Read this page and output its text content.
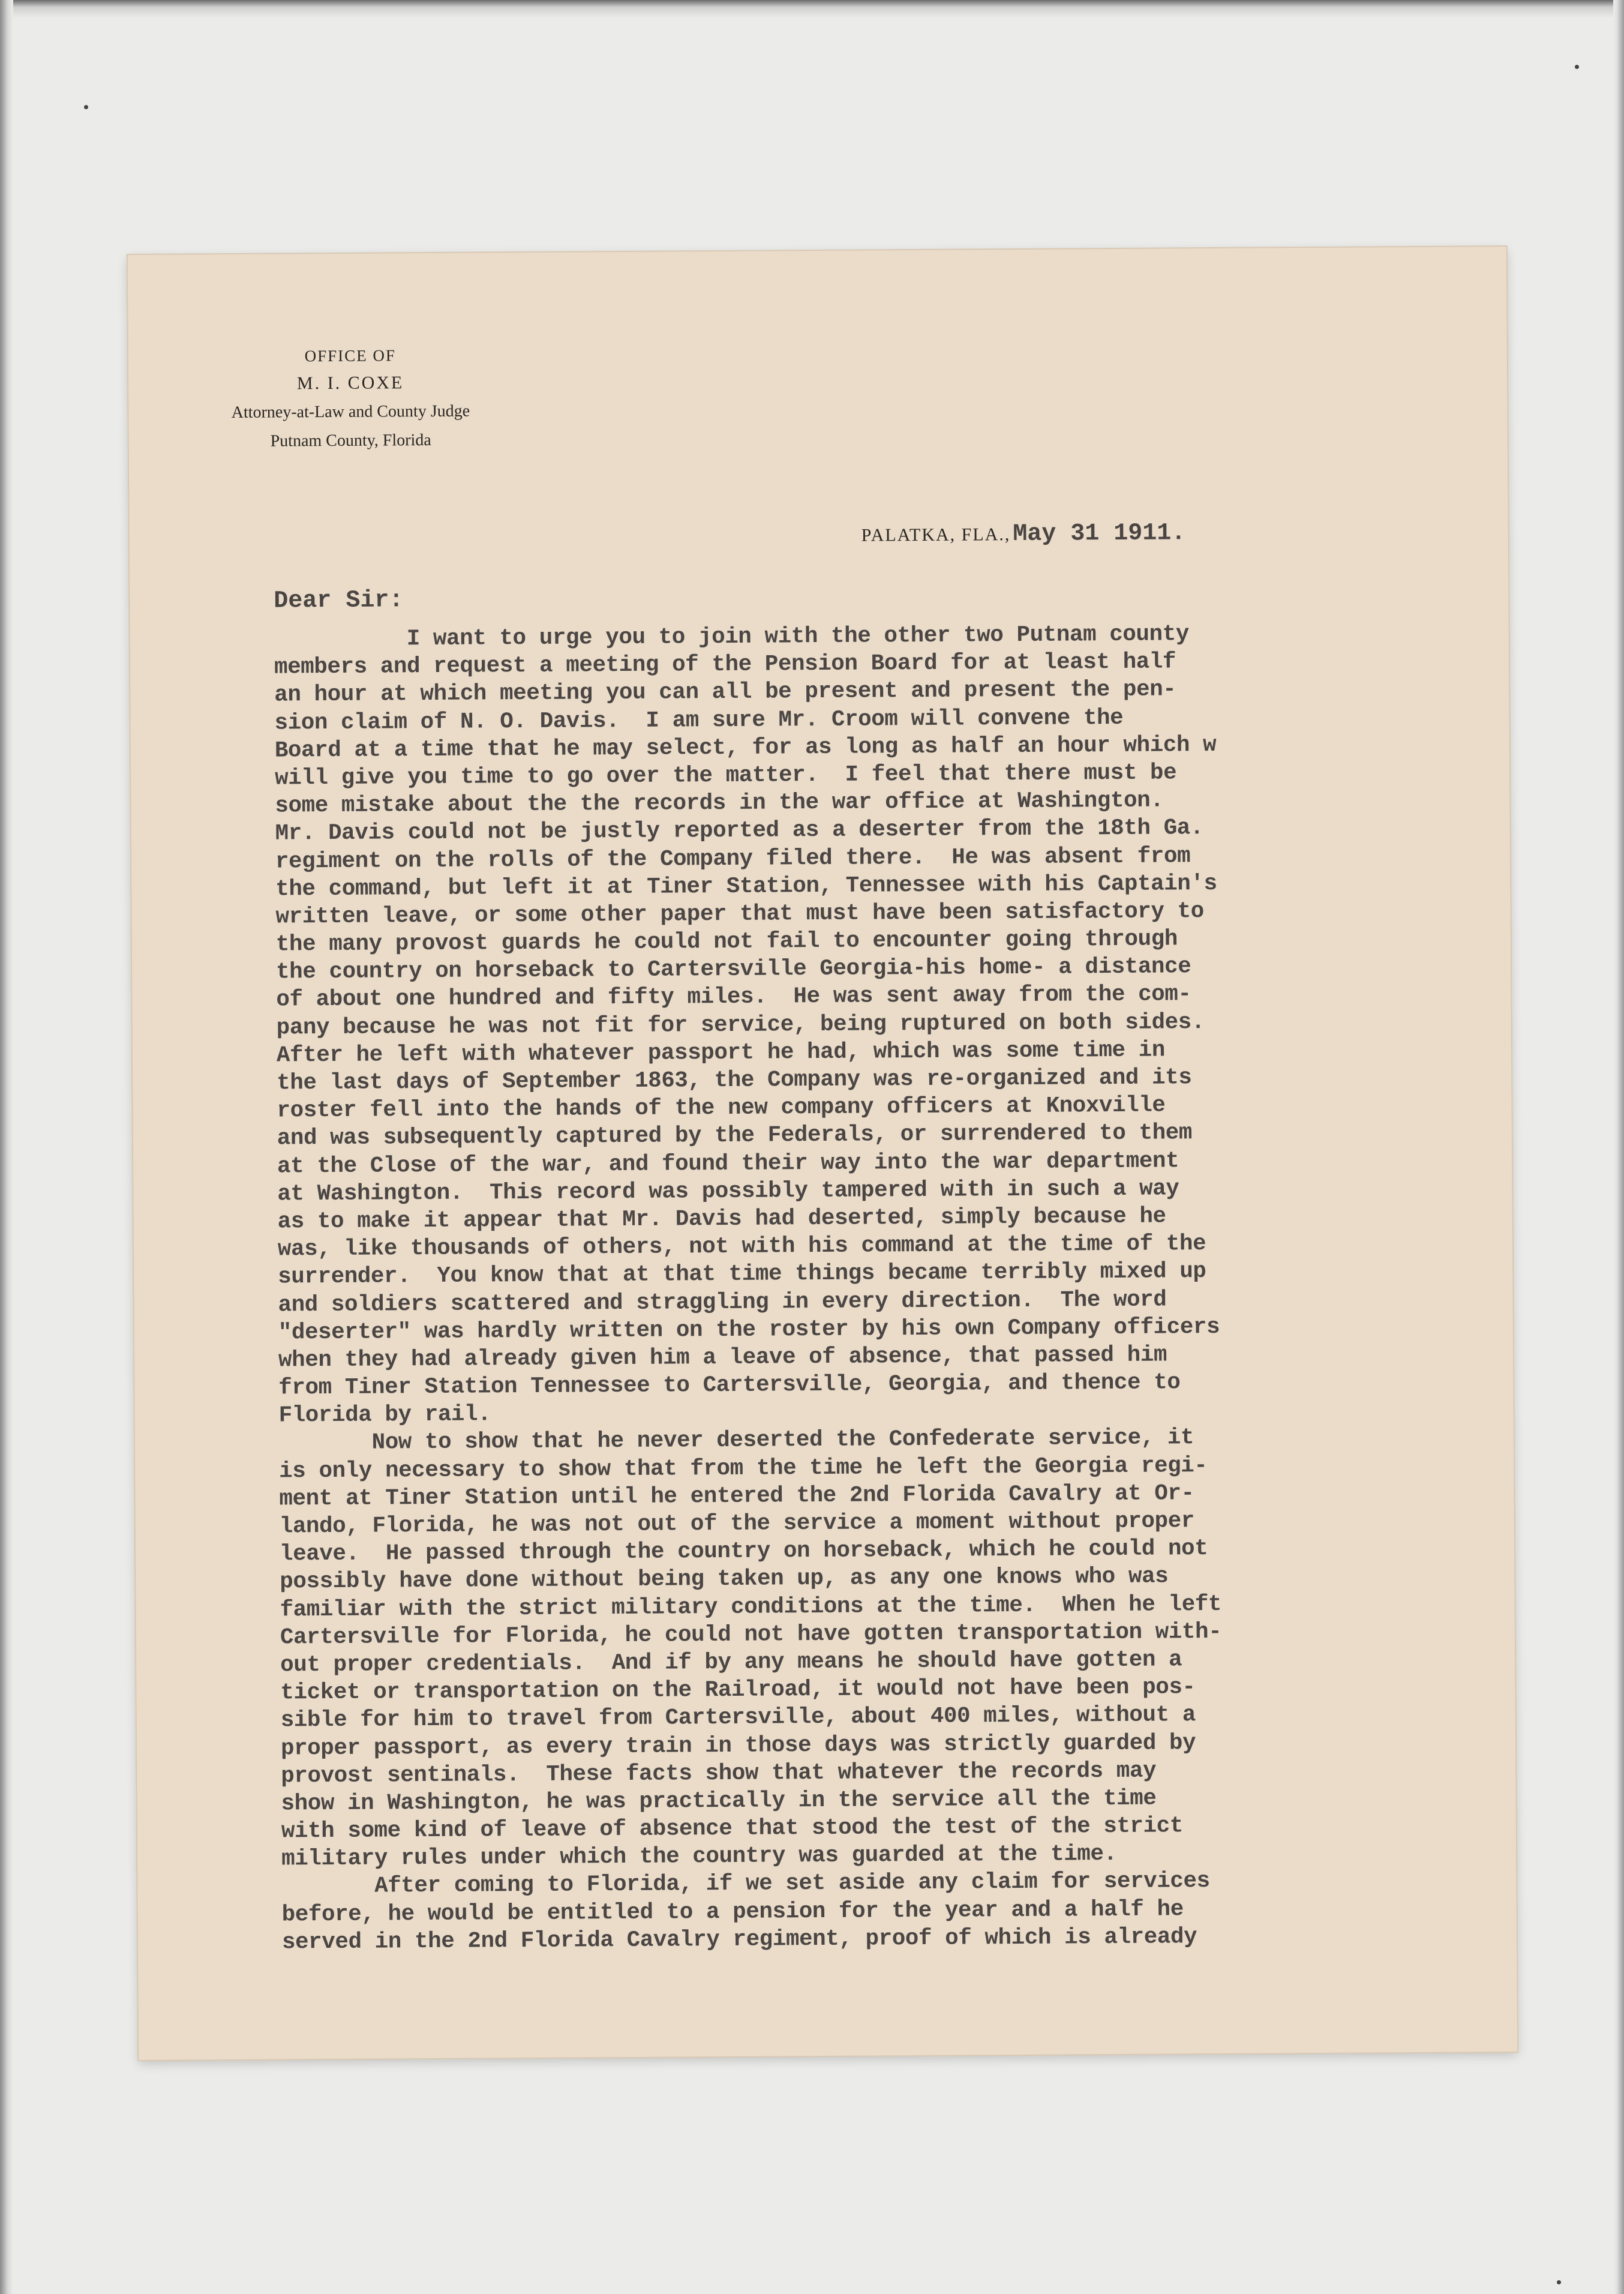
OFFICE OF
M. I. COXE
Attorney-at-Law and County Judge
Putnam County, Florida
PALATKA, FLA., May 31 1911.
Dear Sir:
I want to urge you to join with the other two Putnam county
members and request a meeting of the Pension Board for at least half
an hour at which meeting you can all be present and present the pen-
sion claim of N. O. Davis.  I am sure Mr. Croom will convene the
Board at a time that he may select, for as long as half an hour which w
will give you time to go over the matter.  I feel that there must be
some mistake about the the records in the war office at Washington.
Mr. Davis could not be justly reported as a deserter from the 18th Ga.
regiment on the rolls of the Company filed there.  He was absent from
the command, but left it at Tiner Station, Tennessee with his Captain's
written leave, or some other paper that must have been satisfactory to
the many provost guards he could not fail to encounter going through
the country on horseback to Cartersville Georgia-his home- a distance
of about one hundred and fifty miles.  He was sent away from the com-
pany because he was not fit for service, being ruptured on both sides.
After he left with whatever passport he had, which was some time in
the last days of September 1863, the Company was re-organized and its
roster fell into the hands of the new company officers at Knoxville
and was subsequently captured by the Federals, or surrendered to them
at the Close of the war, and found their way into the war department
at Washington.  This record was possibly tampered with in such a way
as to make it appear that Mr. Davis had deserted, simply because he
was, like thousands of others, not with his command at the time of the
surrender.  You know that at that time things became terribly mixed up
and soldiers scattered and straggling in every direction.  The word
"deserter" was hardly written on the roster by his own Company officers
when they had already given him a leave of absence, that passed him
from Tiner Station Tennessee to Cartersville, Georgia, and thence to
Florida by rail.
Now to show that he never deserted the Confederate service, it
is only necessary to show that from the time he left the Georgia regi-
ment at Tiner Station until he entered the 2nd Florida Cavalry at Or-
lando, Florida, he was not out of the service a moment without proper
leave.  He passed through the country on horseback, which he could not
possibly have done without being taken up, as any one knows who was
familiar with the strict military conditions at the time.  When he left
Cartersville for Florida, he could not have gotten transportation with-
out proper credentials.  And if by any means he should have gotten a
ticket or transportation on the Railroad, it would not have been pos-
sible for him to travel from Cartersville, about 400 miles, without a
proper passport, as every train in those days was strictly guarded by
provost sentinals.  These facts show that whatever the records may
show in Washington, he was practically in the service all the time
with some kind of leave of absence that stood the test of the strict
military rules under which the country was guarded at the time.
After coming to Florida, if we set aside any claim for services
before, he would be entitled to a pension for the year and a half he
served in the 2nd Florida Cavalry regiment, proof of which is already
